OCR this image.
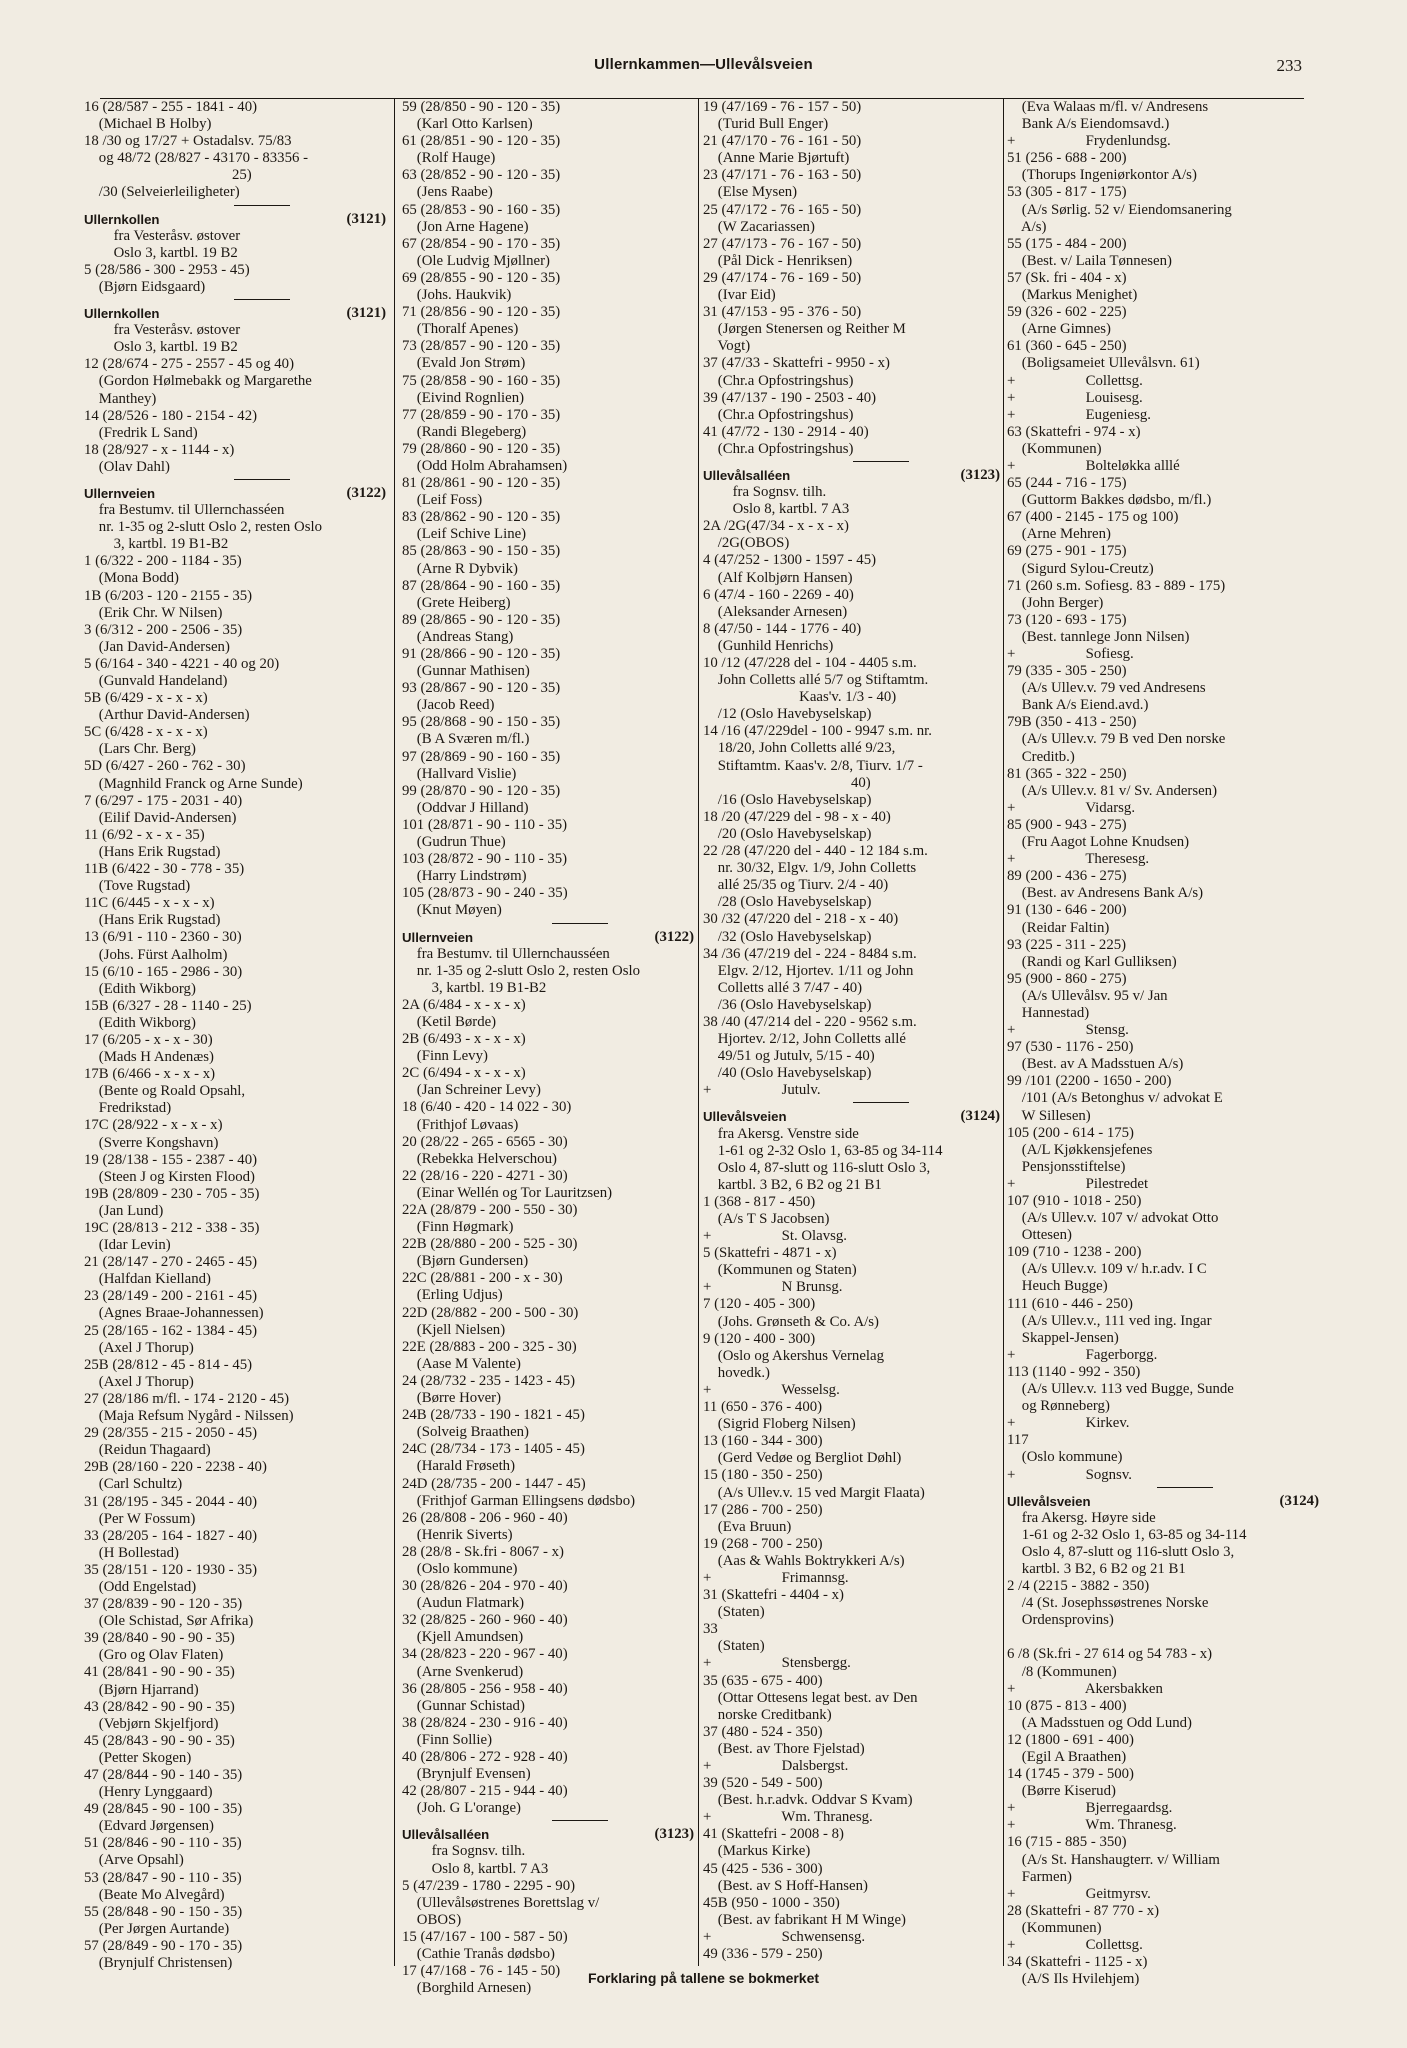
Ullernkammen—Ullevålsveien	233
16 (28/587 - 255 - 1841 - 40)
(Michael B Holby)
18 /30 og 17/27 + Ostadalsv. 75/83
og 48/72 (28/827 - 43170 - 83356 -
25)
/30 (Selveierleiligheter)
Ullernkollen	(3121)
fra Vesteråsv. østover
Oslo 3, kartbl. 19 B2
5 (28/586 - 300 - 2953 - 45)
(Bjørn Eidsgaard)
Ullernkollen	(3121)
fra Vesteråsv. østover
Oslo 3, kartbl. 19 B2
12 (28/674 - 275 - 2557 - 45 og 40)
(Gordon Hølmebakk og Margarethe
Manthey)
14 (28/526 - 180 - 2154 - 42)
(Fredrik L Sand)
18 (28/927 - x - 1144 - x)
(Olav Dahl)
Ullernveien	(3122)
fra Bestumv. til Ullernchasséen
nr. 1-35 og 2-slutt Oslo 2, resten Oslo
3, kartbl. 19 B1-B2
1 (6/322 - 200 - 1184 - 35)
(Mona Bodd)
1B (6/203 - 120 - 2155 - 35)
(Erik Chr. W Nilsen)
3 (6/312 - 200 - 2506 - 35)
(Jan David-Andersen)
5 (6/164 - 340 - 4221 - 40 og 20)
(Gunvald Handeland)
5B (6/429 - x - x - x)
(Arthur David-Andersen)
5C (6/428 - x - x - x)
(Lars Chr. Berg)
5D (6/427 - 260 - 762 - 30)
(Magnhild Franck og Arne Sunde)
7 (6/297 - 175 - 2031 - 40)
(Eilif David-Andersen)
11 (6/92 - x - x - 35)
(Hans Erik Rugstad)
11B (6/422 - 30 - 778 - 35)
(Tove Rugstad)
11C (6/445 - x - x - x)
(Hans Erik Rugstad)
13 (6/91 - 110 - 2360 - 30)
(Johs. Fürst Aalholm)
15 (6/10 - 165 - 2986 - 30)
(Edith Wikborg)
15B (6/327 - 28 - 1140 - 25)
(Edith Wikborg)
17 (6/205 - x - x - 30)
(Mads H Andenæs)
17B (6/466 - x - x - x)
(Bente og Roald Opsahl,
Fredrikstad)
17C (28/922 - x - x - x)
(Sverre Kongshavn)
19 (28/138 - 155 - 2387 - 40)
(Steen J og Kirsten Flood)
19B (28/809 - 230 - 705 - 35)
(Jan Lund)
19C (28/813 - 212 - 338 - 35)
(Idar Levin)
21 (28/147 - 270 - 2465 - 45)
(Halfdan Kielland)
23 (28/149 - 200 - 2161 - 45)
(Agnes Braae-Johannessen)
25 (28/165 - 162 - 1384 - 45)
(Axel J Thorup)
25B (28/812 - 45 - 814 - 45)
(Axel J Thorup)
27 (28/186 m/fl. - 174 - 2120 - 45)
(Maja Refsum Nygård - Nilssen)
29 (28/355 - 215 - 2050 - 45)
(Reidun Thagaard)
29B (28/160 - 220 - 2238 - 40)
(Carl Schultz)
31 (28/195 - 345 - 2044 - 40)
(Per W Fossum)
33 (28/205 - 164 - 1827 - 40)
(H Bollestad)
35 (28/151 - 120 - 1930 - 35)
(Odd Engelstad)
37 (28/839 - 90 - 120 - 35)
(Ole Schistad, Sør Afrika)
39 (28/840 - 90 - 90 - 35)
(Gro og Olav Flaten)
41 (28/841 - 90 - 90 - 35)
(Bjørn Hjarrand)
43 (28/842 - 90 - 90 - 35)
(Vebjørn Skjelfjord)
45 (28/843 - 90 - 90 - 35)
(Petter Skogen)
47 (28/844 - 90 - 140 - 35)
(Henry Lynggaard)
49 (28/845 - 90 - 100 - 35)
(Edvard Jørgensen)
51 (28/846 - 90 - 110 - 35)
(Arve Opsahl)
53 (28/847 - 90 - 110 - 35)
(Beate Mo Alvegård)
55 (28/848 - 90 - 150 - 35)
(Per Jørgen Aurtande)
57 (28/849 - 90 - 170 - 35)
(Brynjulf Christensen)
59 (28/850 - 90 - 120 - 35)
(Karl Otto Karlsen)
61 (28/851 - 90 - 120 - 35)
(Rolf Hauge)
63 (28/852 - 90 - 120 - 35)
(Jens Raabe)
65 (28/853 - 90 - 160 - 35)
(Jon Arne Hagene)
67 (28/854 - 90 - 170 - 35)
(Ole Ludvig Mjøllner)
69 (28/855 - 90 - 120 - 35)
(Johs. Haukvik)
71 (28/856 - 90 - 120 - 35)
(Thoralf Apenes)
73 (28/857 - 90 - 120 - 35)
(Evald Jon Strøm)
75 (28/858 - 90 - 160 - 35)
(Eivind Rognlien)
77 (28/859 - 90 - 170 - 35)
(Randi Blegeberg)
79 (28/860 - 90 - 120 - 35)
(Odd Holm Abrahamsen)
81 (28/861 - 90 - 120 - 35)
(Leif Foss)
83 (28/862 - 90 - 120 - 35)
(Leif Schive Line)
85 (28/863 - 90 - 150 - 35)
(Arne R Dybvik)
87 (28/864 - 90 - 160 - 35)
(Grete Heiberg)
89 (28/865 - 90 - 120 - 35)
(Andreas Stang)
91 (28/866 - 90 - 120 - 35)
(Gunnar Mathisen)
93 (28/867 - 90 - 120 - 35)
(Jacob Reed)
95 (28/868 - 90 - 150 - 35)
(B A Sværen m/fl.)
97 (28/869 - 90 - 160 - 35)
(Hallvard Vislie)
99 (28/870 - 90 - 120 - 35)
(Oddvar J Hilland)
101 (28/871 - 90 - 110 - 35)
(Gudrun Thue)
103 (28/872 - 90 - 110 - 35)
(Harry Lindstrøm)
105 (28/873 - 90 - 240 - 35)
(Knut Møyen)
Ullernveien	(3122)
fra Bestumv. til Ullernchausséen
nr. 1-35 og 2-slutt Oslo 2, resten Oslo
3, kartbl. 19 B1-B2
2A (6/484 - x - x - x)
(Ketil Børde)
2B (6/493 - x - x - x)
(Finn Levy)
2C (6/494 - x - x - x)
(Jan Schreiner Levy)
18 (6/40 - 420 - 14 022 - 30)
(Frithjof Løvaas)
20 (28/22 - 265 - 6565 - 30)
(Rebekka Helverschou)
22 (28/16 - 220 - 4271 - 30)
(Einar Wellén og Tor Lauritzsen)
22A (28/879 - 200 - 550 - 30)
(Finn Høgmark)
22B (28/880 - 200 - 525 - 30)
(Bjørn Gundersen)
22C (28/881 - 200 - x - 30)
(Erling Udjus)
22D (28/882 - 200 - 500 - 30)
(Kjell Nielsen)
22E (28/883 - 200 - 325 - 30)
(Aase M Valente)
24 (28/732 - 235 - 1423 - 45)
(Børre Hover)
24B (28/733 - 190 - 1821 - 45)
(Solveig Braathen)
24C (28/734 - 173 - 1405 - 45)
(Harald Frøseth)
24D (28/735 - 200 - 1447 - 45)
(Frithjof Garman Ellingsens dødsbo)
26 (28/808 - 206 - 960 - 40)
(Henrik Siverts)
28 (28/8 - Sk.fri - 8067 - x)
(Oslo kommune)
30 (28/826 - 204 - 970 - 40)
(Audun Flatmark)
32 (28/825 - 260 - 960 - 40)
(Kjell Amundsen)
34 (28/823 - 220 - 967 - 40)
(Arne Svenkerud)
36 (28/805 - 256 - 958 - 40)
(Gunnar Schistad)
38 (28/824 - 230 - 916 - 40)
(Finn Sollie)
40 (28/806 - 272 - 928 - 40)
(Brynjulf Evensen)
42 (28/807 - 215 - 944 - 40)
(Joh. G L'orange)
Ullevålsalléen	(3123)
fra Sognsv. tilh.
Oslo 8, kartbl. 7 A3
5 (47/239 - 1780 - 2295 - 90)
(Ullevålsøstrenes Borettslag v/
OBOS)
15 (47/167 - 100 - 587 - 50)
(Cathie Tranås dødsbo)
17 (47/168 - 76 - 145 - 50)
(Borghild Arnesen)
19 (47/169 - 76 - 157 - 50)
(Turid Bull Enger)
21 (47/170 - 76 - 161 - 50)
(Anne Marie Bjørtuft)
23 (47/171 - 76 - 163 - 50)
(Else Mysen)
25 (47/172 - 76 - 165 - 50)
(W Zacariassen)
27 (47/173 - 76 - 167 - 50)
(Pål Dick - Henriksen)
29 (47/174 - 76 - 169 - 50)
(Ivar Eid)
31 (47/153 - 95 - 376 - 50)
(Jørgen Stenersen og Reither M
Vogt)
37 (47/33 - Skattefri - 9950 - x)
(Chr.a Opfostringshus)
39 (47/137 - 190 - 2503 - 40)
(Chr.a Opfostringshus)
41 (47/72 - 130 - 2914 - 40)
(Chr.a Opfostringshus)
Ullevålsalléen	(3123)
fra Sognsv. tilh.
Oslo 8, kartbl. 7 A3
2A /2G(47/34 - x - x - x)
/2G(OBOS)
4 (47/252 - 1300 - 1597 - 45)
(Alf Kolbjørn Hansen)
6 (47/4 - 160 - 2269 - 40)
(Aleksander Arnesen)
8 (47/50 - 144 - 1776 - 40)
(Gunhild Henrichs)
10 /12 (47/228 del - 104 - 4405 s.m.
John Colletts allé 5/7 og Stiftamtm.
Kaas'v. 1/3 - 40)
/12 (Oslo Havebyselskap)
14 /16 (47/229del - 100 - 9947 s.m. nr.
18/20, John Colletts allé 9/23,
Stiftamtm. Kaas'v. 2/8, Tiurv. 1/7 -
40)
/16 (Oslo Havebyselskap)
18 /20 (47/229 del - 98 - x - 40)
/20 (Oslo Havebyselskap)
22 /28 (47/220 del - 440 - 12 184 s.m.
nr. 30/32, Elgv. 1/9, John Colletts
allé 25/35 og Tiurv. 2/4 - 40)
/28 (Oslo Havebyselskap)
30 /32 (47/220 del - 218 - x - 40)
/32 (Oslo Havebyselskap)
34 /36 (47/219 del - 224 - 8484 s.m.
Elgv. 2/12, Hjortev. 1/11 og John
Colletts allé 3 7/47 - 40)
/36 (Oslo Havebyselskap)
38 /40 (47/214 del - 220 - 9562 s.m.
Hjortev. 2/12, John Colletts allé
49/51 og Jutulv, 5/15 - 40)
/40 (Oslo Havebyselskap)
+                   Jutulv.
Ullevålsveien	(3124)
fra Akersg. Venstre side
1-61 og 2-32 Oslo 1, 63-85 og 34-114
Oslo 4, 87-slutt og 116-slutt Oslo 3,
kartbl. 3 B2, 6 B2 og 21 B1
1 (368 - 817 - 450)
(A/s T S Jacobsen)
+                   St. Olavsg.
5 (Skattefri - 4871 - x)
(Kommunen og Staten)
+                   N Brunsg.
7 (120 - 405 - 300)
(Johs. Grønseth & Co. A/s)
9 (120 - 400 - 300)
(Oslo og Akershus Vernelag
hovedk.)
+                   Wesselsg.
11 (650 - 376 - 400)
(Sigrid Floberg Nilsen)
13 (160 - 344 - 300)
(Gerd Vedøe og Bergliot Døhl)
15 (180 - 350 - 250)
(A/s Ullev.v. 15 ved Margit Flaata)
17 (286 - 700 - 250)
(Eva Bruun)
19 (268 - 700 - 250)
(Aas & Wahls Boktrykkeri A/s)
+                   Frimannsg.
31 (Skattefri - 4404 - x)
(Staten)
33
(Staten)
+                   Stensbergg.
35 (635 - 675 - 400)
(Ottar Ottesens legat best. av Den
norske Creditbank)
37 (480 - 524 - 350)
(Best. av Thore Fjelstad)
+                   Dalsbergst.
39 (520 - 549 - 500)
(Best. h.r.advk. Oddvar S Kvam)
+                   Wm. Thranesg.
41 (Skattefri - 2008 - 8)
(Markus Kirke)
45 (425 - 536 - 300)
(Best. av S Hoff-Hansen)
45B (950 - 1000 - 350)
(Best. av fabrikant H M Winge)
+                   Schwensensg.
49 (336 - 579 - 250)
(Eva Walaas m/fl. v/ Andresens
Bank A/s Eiendomsavd.)
+                   Frydenlundsg.
51 (256 - 688 - 200)
(Thorups Ingeniørkontor A/s)
53 (305 - 817 - 175)
(A/s Sørlig. 52 v/ Eiendomsanering
A/s)
55 (175 - 484 - 200)
(Best. v/ Laila Tønnesen)
57 (Sk. fri - 404 - x)
(Markus Menighet)
59 (326 - 602 - 225)
(Arne Gimnes)
61 (360 - 645 - 250)
(Boligsameiet Ullevålsvn. 61)
+                   Collettsg.
+                   Louisesg.
+                   Eugeniesg.
63 (Skattefri - 974 - x)
(Kommunen)
+                   Bolteløkka alllé
65 (244 - 716 - 175)
(Guttorm Bakkes dødsbo, m/fl.)
67 (400 - 2145 - 175 og 100)
(Arne Mehren)
69 (275 - 901 - 175)
(Sigurd Sylou-Creutz)
71 (260 s.m. Sofiesg. 83 - 889 - 175)
(John Berger)
73 (120 - 693 - 175)
(Best. tannlege Jonn Nilsen)
+                   Sofiesg.
79 (335 - 305 - 250)
(A/s Ullev.v. 79 ved Andresens
Bank A/s Eiend.avd.)
79B (350 - 413 - 250)
(A/s Ullev.v. 79 B ved Den norske
Creditb.)
81 (365 - 322 - 250)
(A/s Ullev.v. 81 v/ Sv. Andersen)
+                   Vidarsg.
85 (900 - 943 - 275)
(Fru Aagot Lohne Knudsen)
+                   Theresesg.
89 (200 - 436 - 275)
(Best. av Andresens Bank A/s)
91 (130 - 646 - 200)
(Reidar Faltin)
93 (225 - 311 - 225)
(Randi og Karl Gulliksen)
95 (900 - 860 - 275)
(A/s Ullevålsv. 95 v/ Jan
Hannestad)
+                   Stensg.
97 (530 - 1176 - 250)
(Best. av A Madsstuen A/s)
99 /101 (2200 - 1650 - 200)
/101 (A/s Betonghus v/ advokat E
W Sillesen)
105 (200 - 614 - 175)
(A/L Kjøkkensjefenes
Pensjonsstiftelse)
+                   Pilestredet
107 (910 - 1018 - 250)
(A/s Ullev.v. 107 v/ advokat Otto
Ottesen)
109 (710 - 1238 - 200)
(A/s Ullev.v. 109 v/ h.r.adv. I C
Heuch Bugge)
111 (610 - 446 - 250)
(A/s Ullev.v., 111 ved ing. Ingar
Skappel-Jensen)
+                   Fagerborgg.
113 (1140 - 992 - 350)
(A/s Ullev.v. 113 ved Bugge, Sunde
og Rønneberg)
+                   Kirkev.
117
(Oslo kommune)
+                   Sognsv.
Ullevålsveien	(3124)
fra Akersg. Høyre side
1-61 og 2-32 Oslo 1, 63-85 og 34-114
Oslo 4, 87-slutt og 116-slutt Oslo 3,
kartbl. 3 B2, 6 B2 og 21 B1
2 /4 (2215 - 3882 - 350)
/4 (St. Josephssøstrenes Norske
Ordensprovins)

6 /8 (Sk.fri - 27 614 og 54 783 - x)
/8 (Kommunen)
+                   Akersbakken
10 (875 - 813 - 400)
(A Madsstuen og Odd Lund)
12 (1800 - 691 - 400)
(Egil A Braathen)
14 (1745 - 379 - 500)
(Børre Kiserud)
+                   Bjerregaardsg.
+                   Wm. Thranesg.
16 (715 - 885 - 350)
(A/s St. Hanshaugterr. v/ William
Farmen)
+                   Geitmyrsv.
28 (Skattefri - 87 770 - x)
(Kommunen)
+                   Collettsg.
34 (Skattefri - 1125 - x)
(A/S Ils Hvilehjem)
Forklaring på tallene se bokmerket
